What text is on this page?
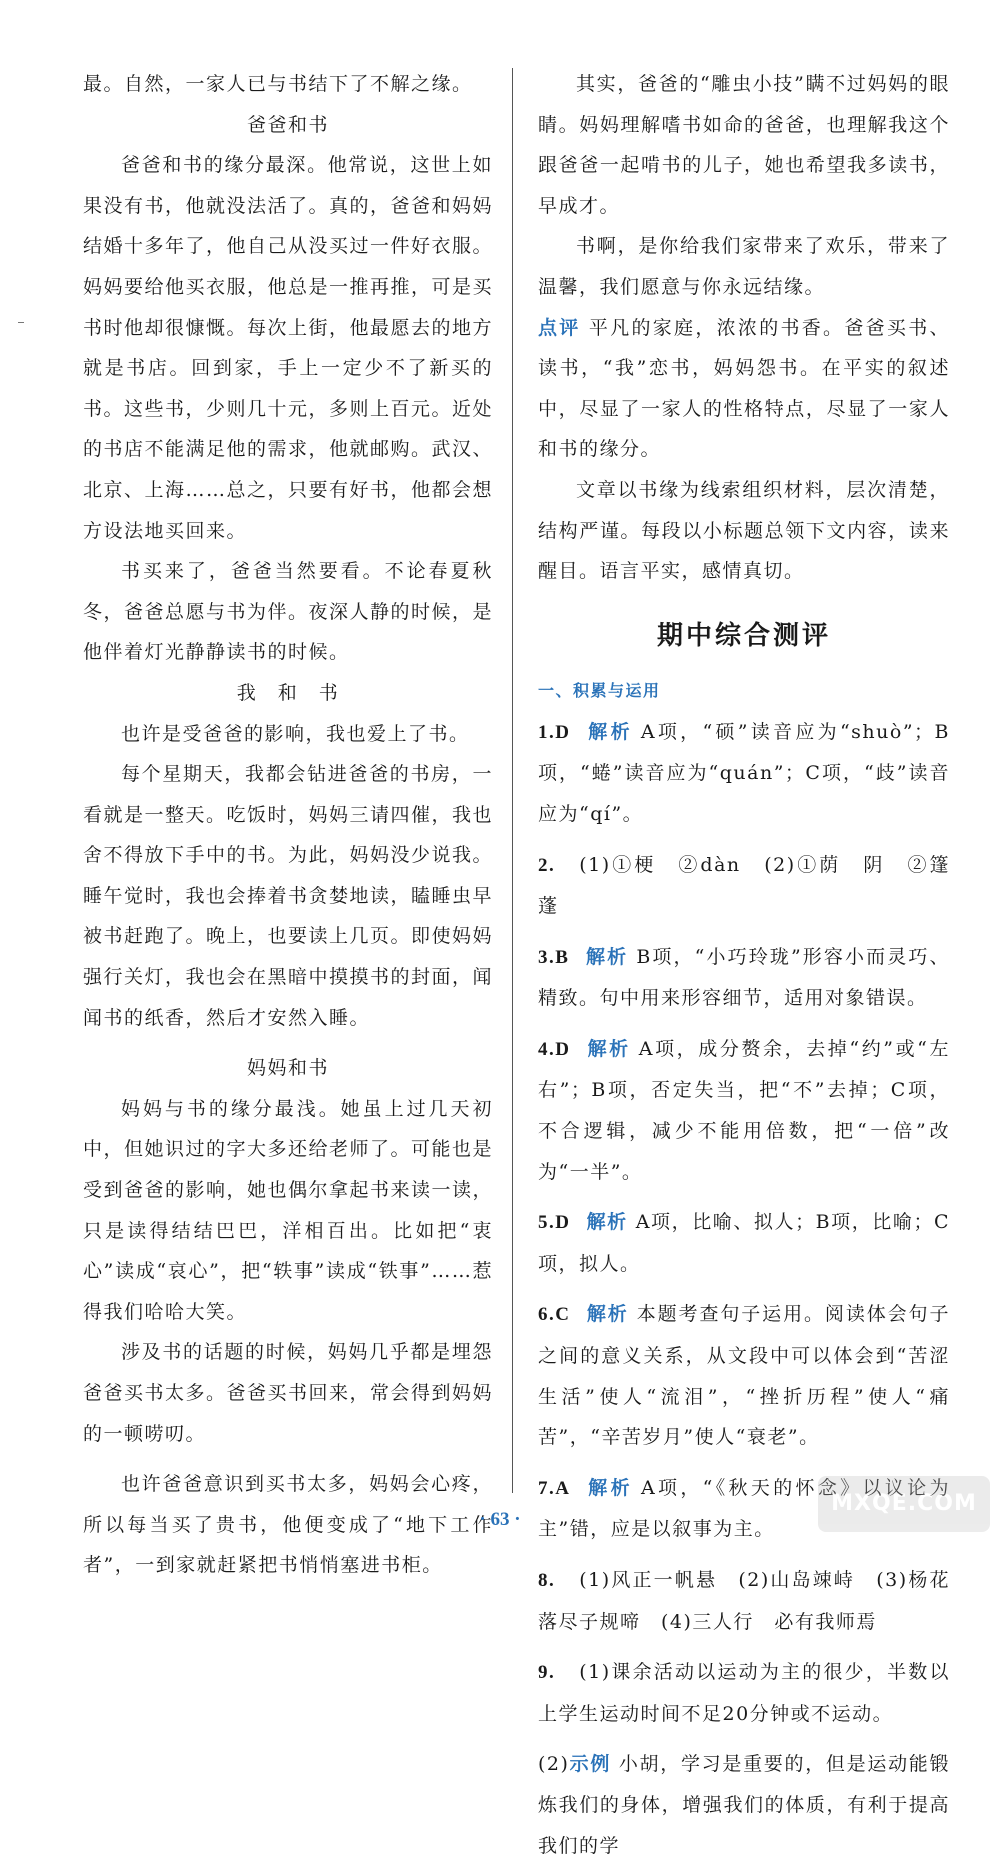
最。自然，一家人已与书结下了不解之缘。

爸爸和书

爸爸和书的缘分最深。他常说，这世上如果没有书，他就没法活了。真的，爸爸和妈妈结婚十多年了，他自己从没买过一件好衣服。妈妈要给他买衣服，他总是一推再推，可是买书时他却很慷慨。每次上街，他最愿去的地方就是书店。回到家，手上一定少不了新买的书。这些书，少则几十元，多则上百元。近处的书店不能满足他的需求，他就邮购。武汉、北京、上海……总之，只要有好书，他都会想方设法地买回来。

书买来了，爸爸当然要看。不论春夏秋冬，爸爸总愿与书为伴。夜深人静的时候，是他伴着灯光静静读书的时候。

我　和　书

也许是受爸爸的影响，我也爱上了书。

每个星期天，我都会钻进爸爸的书房，一看就是一整天。吃饭时，妈妈三请四催，我也舍不得放下手中的书。为此，妈妈没少说我。睡午觉时，我也会捧着书贪婪地读，瞌睡虫早被书赶跑了。晚上，也要读上几页。即使妈妈强行关灯，我也会在黑暗中摸摸书的封面，闻闻书的纸香，然后才安然入睡。

妈妈和书

妈妈与书的缘分最浅。她虽上过几天初中，但她识过的字大多还给老师了。可能也是受到爸爸的影响，她也偶尔拿起书来读一读，只是读得结结巴巴，洋相百出。比如把“衷心”读成“哀心”，把“轶事”读成“铁事”……惹得我们哈哈大笑。

涉及书的话题的时候，妈妈几乎都是埋怨爸爸买书太多。爸爸买书回来，常会得到妈妈的一顿唠叨。

也许爸爸意识到买书太多，妈妈会心疼，所以每当买了贵书，他便变成了“地下工作者”，一到家就赶紧把书悄悄塞进书柜。

其实，爸爸的“雕虫小技”瞒不过妈妈的眼睛。妈妈理解嗜书如命的爸爸，也理解我这个跟爸爸一起啃书的儿子，她也希望我多读书，早成才。

书啊，是你给我们家带来了欢乐，带来了温馨，我们愿意与你永远结缘。

点评 平凡的家庭，浓浓的书香。爸爸买书、读书，“我”恋书，妈妈怨书。在平实的叙述中，尽显了一家人的性格特点，尽显了一家人和书的缘分。

文章以书缘为线索组织材料，层次清楚，结构严谨。每段以小标题总领下文内容，读来醒目。语言平实，感情真切。

期中综合测评
一、积累与运用

1.D 解析 A项，“硕”读音应为“shuò”；B项，“蜷”读音应为“quán”；C项，“歧”读音应为“qí”。

2. (1)①梗　②dàn　(2)①荫　阴　②篷　蓬

3.B 解析 B项，“小巧玲珑”形容小而灵巧、精致。句中用来形容细节，适用对象错误。

4.D 解析 A项，成分赘余，去掉“约”或“左右”；B项，否定失当，把“不”去掉；C项，不合逻辑，减少不能用倍数，把“一倍”改为“一半”。

5.D 解析 A项，比喻、拟人；B项，比喻；C项，拟人。

6.C 解析 本题考查句子运用。阅读体会句子之间的意义关系，从文段中可以体会到“苦涩生活”使人“流泪”，“挫折历程”使人“痛苦”，“辛苦岁月”使人“衰老”。

7.A 解析 A项，“《秋天的怀念》以议论为主”错，应是以叙事为主。

8. (1)风正一帆悬　(2)山岛竦峙　(3)杨花落尽子规啼　(4)三人行　必有我师焉

9. (1)课余活动以运动为主的很少，半数以上学生运动时间不足20分钟或不运动。

(2)示例 小胡，学习是重要的，但是运动能锻炼我们的身体，增强我们的体质，有利于提高我们的学

· 63 ·
MXQE.COM
